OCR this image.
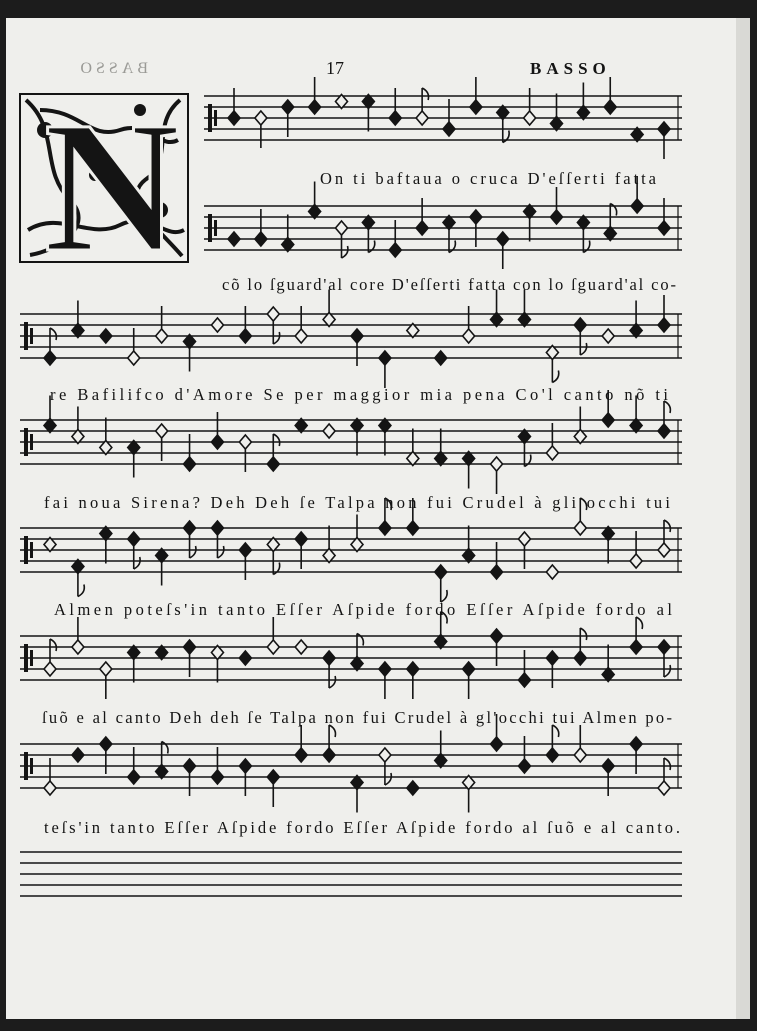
BASSO	17	BASSO
N	On ti baftaua o cruca D'eſſerti fatta
cõ lo ſguard'al core D'eſſerti fatta con lo ſguard'al co-
re Bafilifco d'Amore Se per maggior mia pena Co'l canto nõ ti
fai noua Sirena? Deh Deh ſe Talpa non fui Crudel à gli occhi tui
Almen poteſs'in tanto Eſſer Aſpide fordo Eſſer Aſpide fordo al
ſuõ e al canto Deh deh ſe Talpa non fui Crudel à gl'occhi tui Almen po-
teſs'in tanto Eſſer Aſpide fordo Eſſer Aſpide fordo al ſuõ e al canto.
